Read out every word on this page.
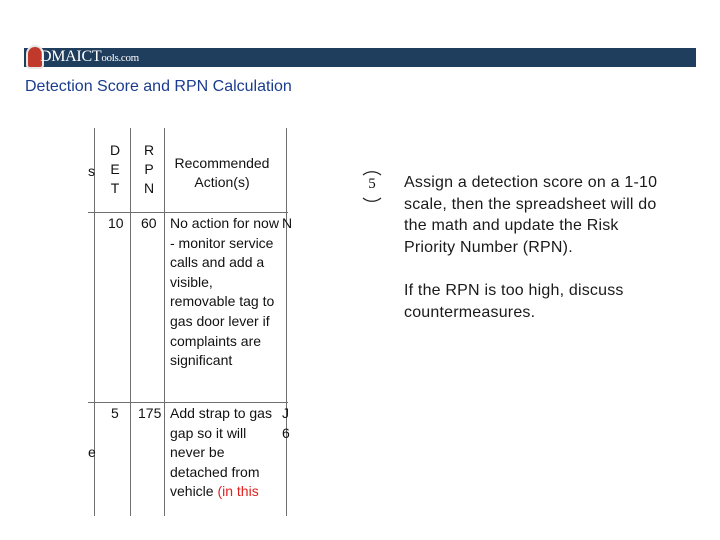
DMAICTools.com
Detection Score and RPN Calculation
s
e
D
E
T
R
P
N
Recommended Action(s)
10 60 No action for now - monitor service calls and add a visible, removable tag to gas door lever if complaints are significant
N
5 175 Add strap to gas gap so it will never be detached from vehicle (in this
J
6
5	Assign a detection score on a 1-10 scale, then the spreadsheet will do the math and update the Risk Priority Number (RPN).
If the RPN is too high, discuss countermeasures.
